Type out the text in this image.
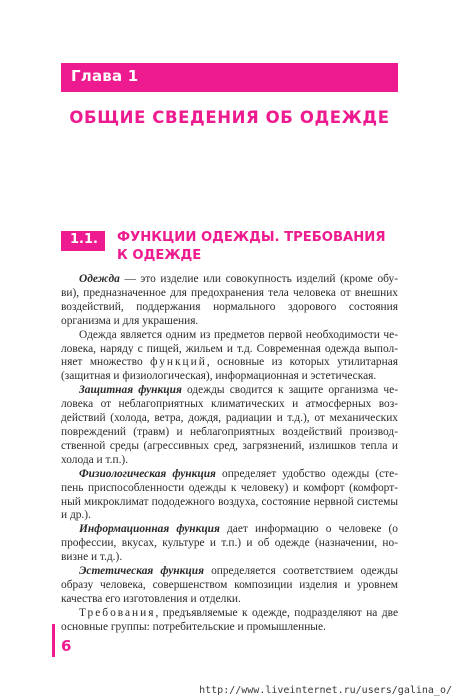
Глава 1
ОБЩИЕ СВЕДЕНИЯ ОБ ОДЕЖДЕ
1.1. ФУНКЦИИ ОДЕЖДЫ. ТРЕБОВАНИЯ
К ОДЕЖДЕ

Одежда — это изделие или совокупность изделий (кроме обуви), предназначенное для предохранения тела человека от внешних воздействий, поддержания нормального здорового состояния организма и для украшения.

Одежда является одним из предметов первой необходимости человека, наряду с пищей, жильем и т.д. Современная одежда выполняет множество функций, основные из которых утилитарная (защитная и физиологическая), информационная и эстетическая.

Защитная функция одежды сводится к защите организма человека от неблагоприятных климатических и атмосферных воздействий (холода, ветра, дождя, радиации и т.д.), от механических повреждений (травм) и неблагоприятных воздействий производственной среды (агрессивных сред, загрязнений, излишков тепла и холода и т.п.).

Физиологическая функция определяет удобство одежды (степень приспособленности одежды к человеку) и комфорт (комфортный микроклимат пододежного воздуха, состояние нервной системы и др.).

Информационная функция дает информацию о человеке (о профессии, вкусах, культуре и т.п.) и об одежде (назначении, новизне и т.д.).

Эстетическая функция определяется соответствием одежды образу человека, совершенством композиции изделия и уровнем качества его изготовления и отделки.

Требования, предъявляемые к одежде, подразделяют на две основные группы: потребительские и промышленные.

6
http://www.liveinternet.ru/users/galina_o/
